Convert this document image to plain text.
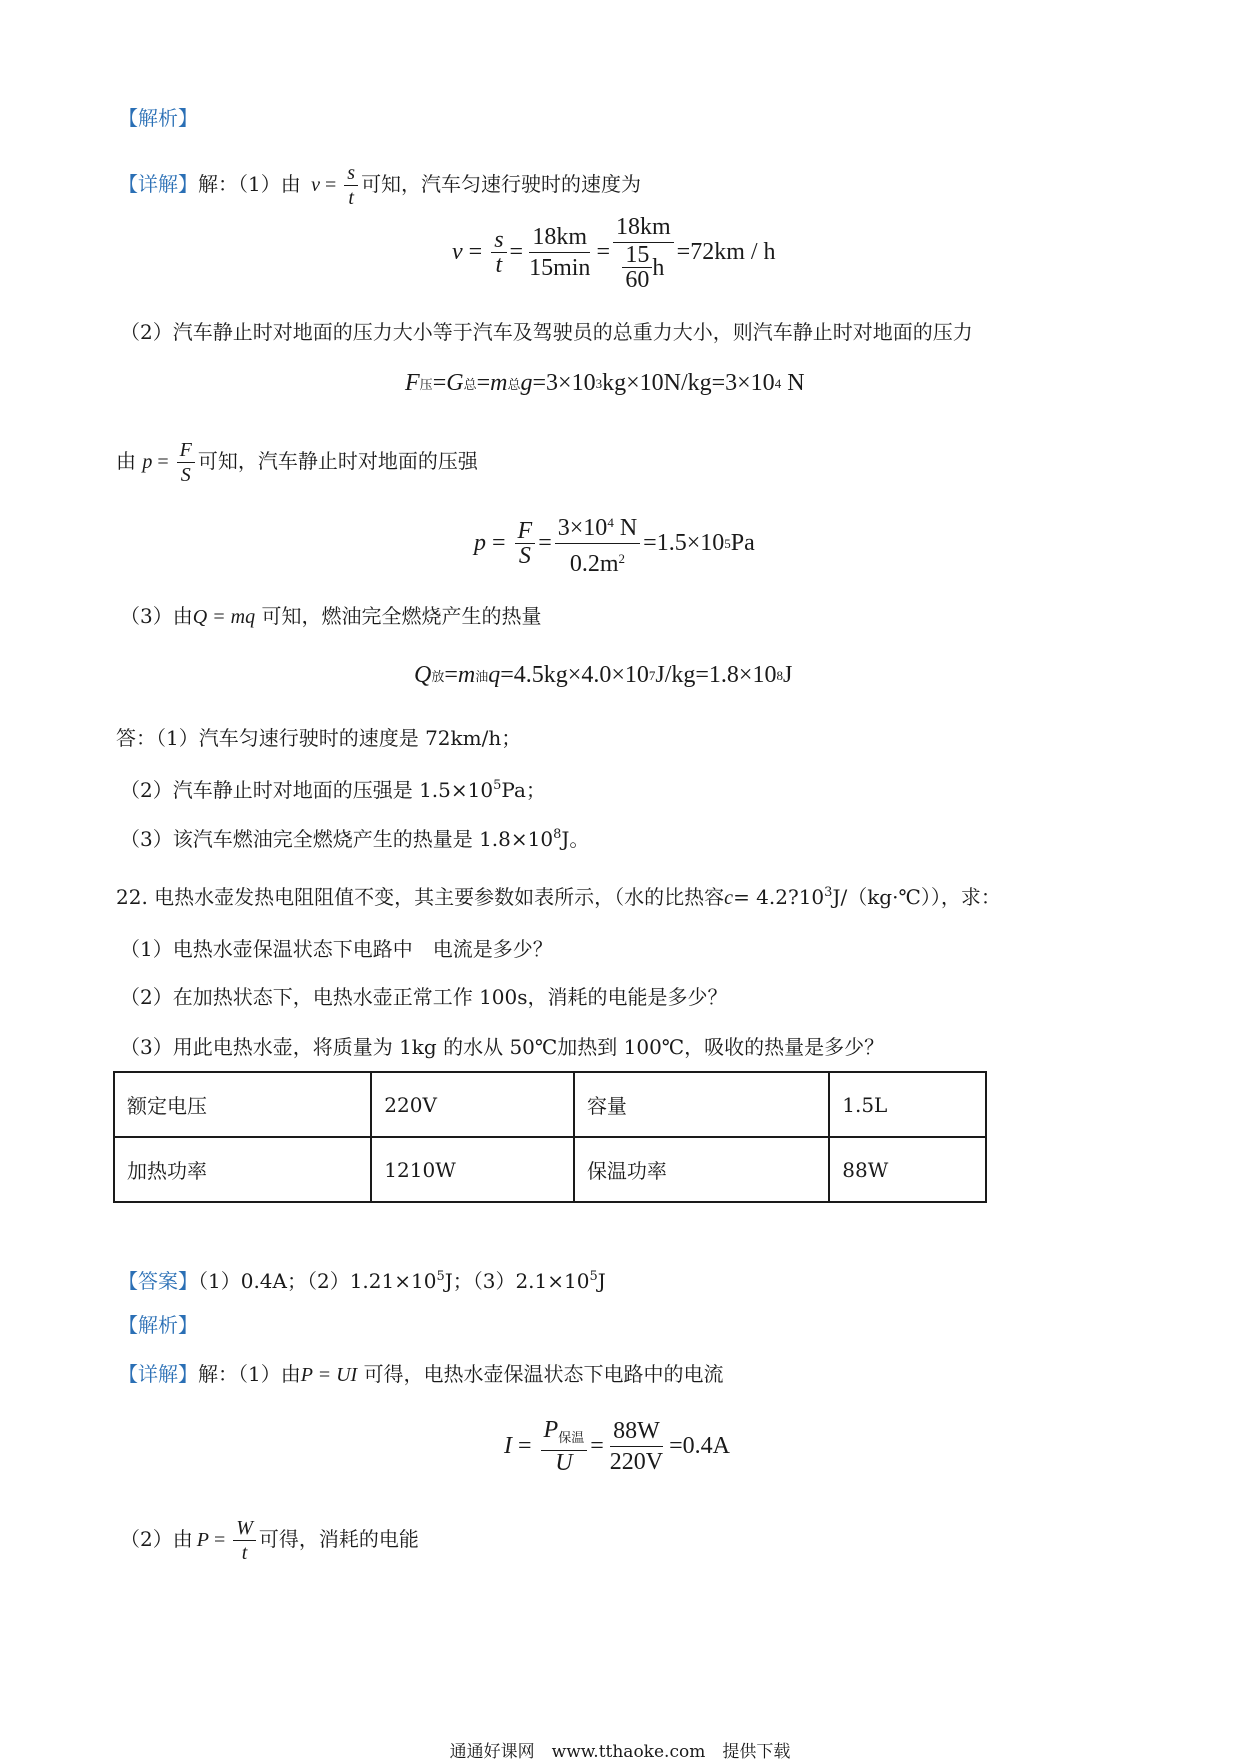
【解析】
【详解】解：（1）由 $v = \frac{s}{t}$ 可知，汽车匀速行驶时的速度为
$v = \frac{s}{t} = \frac{18km}{15\min} = \frac{18km}{\frac{15}{60} h} =72km / h$
（2）汽车静止时对地面的压力大小等于汽车及驾驶员的总重力大小，则汽车静止时对地面的压力
F 压 = G 总 = m 总 g =3×10 3 kg×10N/kg=3×10 4
N
由 $p = \frac{F}{S}$ 可知，汽车静止时对地面的压强
$p = \frac{F}{S} = \frac{3\times 10^4 N}{0.2m^2} =1.5\times 10$ 5 Pa
（3）由Q = mq 可知，燃油完全燃烧产生的热量
Q 放 = m 油 q =4.5kg×4.0×10 7 J/kg=1.8×10 8 J
答：（1）汽车匀速行驶时的速度是 72km/h；
（2）汽车静止时对地面的压强是 $1.5\times 10^5Pa$；
（3）该汽车燃油完全燃烧产生的热量是 $1.8\times 10^8J$。
22. 电热水壶发热电阻阻值不变，其主要参数如表所示，（水的比热容$c= 4.2?10^3J/(kg\cdot℃)$），求：
（1）电热水壶保温状态下电路中　电流是多少？
（2）在加热状态下，电热水壶正常工作 100s，消耗的电能是多少？
（3）用此电热水壶，将质量为 1kg 的水从 50℃加热到 100℃，吸收的热量是多少？
额定电压	220V	容量	1.5L
加热功率	1210W	保温功率	88W
【答案】（1）0.4A；$(2)1.21\times 10^5J$；$(3)2.1\times 10^5J$
【解析】
【详解】解：（1）由P = UI 可得，电热水壶保温状态下电路中的电流
$I = \frac{P_{保温}}{U} = \frac{88W}{220V} =0.4A$
（2）由 $P = \frac{W}{t}$ 可得，消耗的电能
通通好课网　www.tthaoke.com　提供下载
